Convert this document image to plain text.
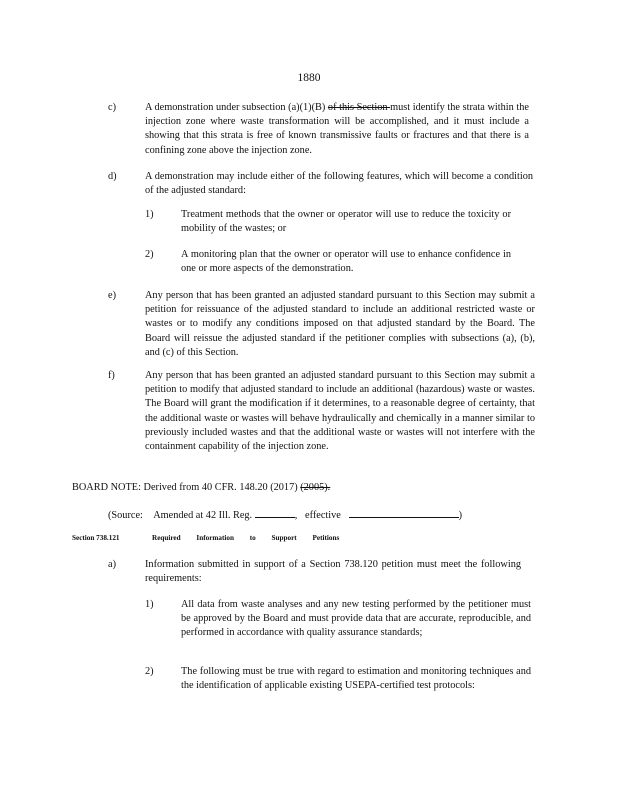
1880
c)	A demonstration under subsection (a)(1)(B) of this Section must identify the strata within the injection zone where waste transformation will be accomplished, and it must include a showing that this strata is free of known transmissive faults or fractures and that there is a confining zone above the injection zone.
d)	A demonstration may include either of the following features, which will become a condition of the adjusted standard:
1)	Treatment methods that the owner or operator will use to reduce the toxicity or mobility of the wastes; or
2)	A monitoring plan that the owner or operator will use to enhance confidence in one or more aspects of the demonstration.
e)	Any person that has been granted an adjusted standard pursuant to this Section may submit a petition for reissuance of the adjusted standard to include an additional restricted waste or wastes or to modify any conditions imposed on that adjusted standard by the Board. The Board will reissue the adjusted standard if the petitioner complies with subsections (a), (b), and (c) of this Section.
f)	Any person that has been granted an adjusted standard pursuant to this Section may submit a petition to modify that adjusted standard to include an additional (hazardous) waste or wastes. The Board will grant the modification if it determines, to a reasonable degree of certainty, that the additional waste or wastes will behave hydraulically and chemically in a manner similar to previously included wastes and that the additional waste or wastes will not interfere with the containment capability of the injection zone.
BOARD NOTE: Derived from 40 CFR. 148.20 (2017) (2005).
(Source: Amended at 42 Ill. Reg.	,   effective	)
Section 738.121	Required Information to Support Petitions
a)	Information submitted in support of a Section 738.120 petition must meet the following requirements:
1)	All data from waste analyses and any new testing performed by the petitioner must be approved by the Board and must provide data that are accurate, reproducible, and performed in accordance with quality assurance standards;
2)	The following must be true with regard to estimation and monitoring techniques and the identification of applicable existing USEPA-certified test protocols:
